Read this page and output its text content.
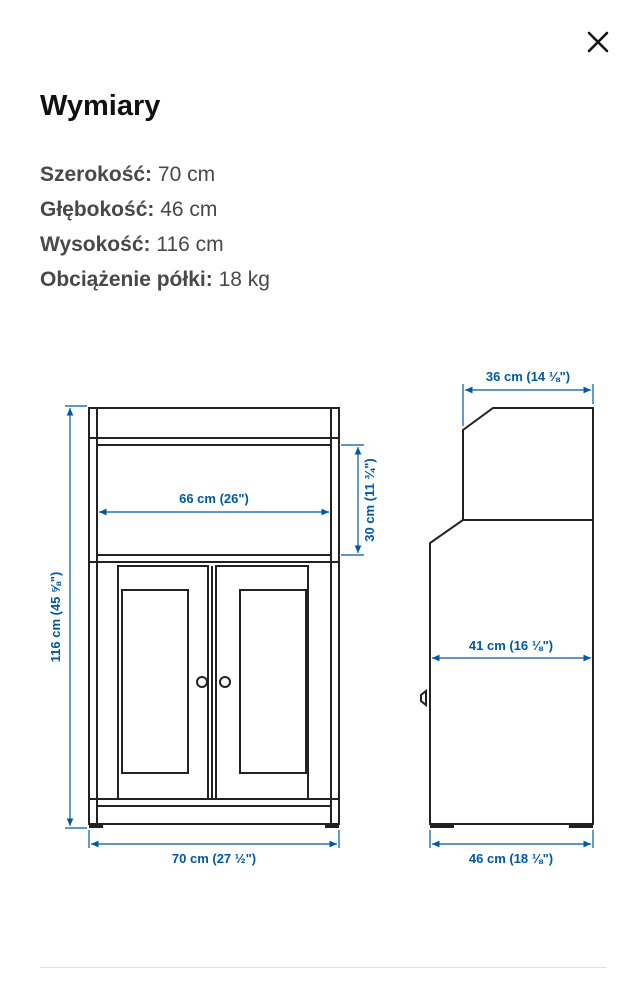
Wymiary
Szerokość: 70 cm
Głębokość: 46 cm
Wysokość: 116 cm
Obciążenie półki: 18 kg
116 cm (45 ⅝")
70 cm (27 ½")
66 cm (26")	30 cm (11 ¾")
36 cm (14 ⅛")
41 cm (16 ⅛")
46 cm (18 ⅛")
